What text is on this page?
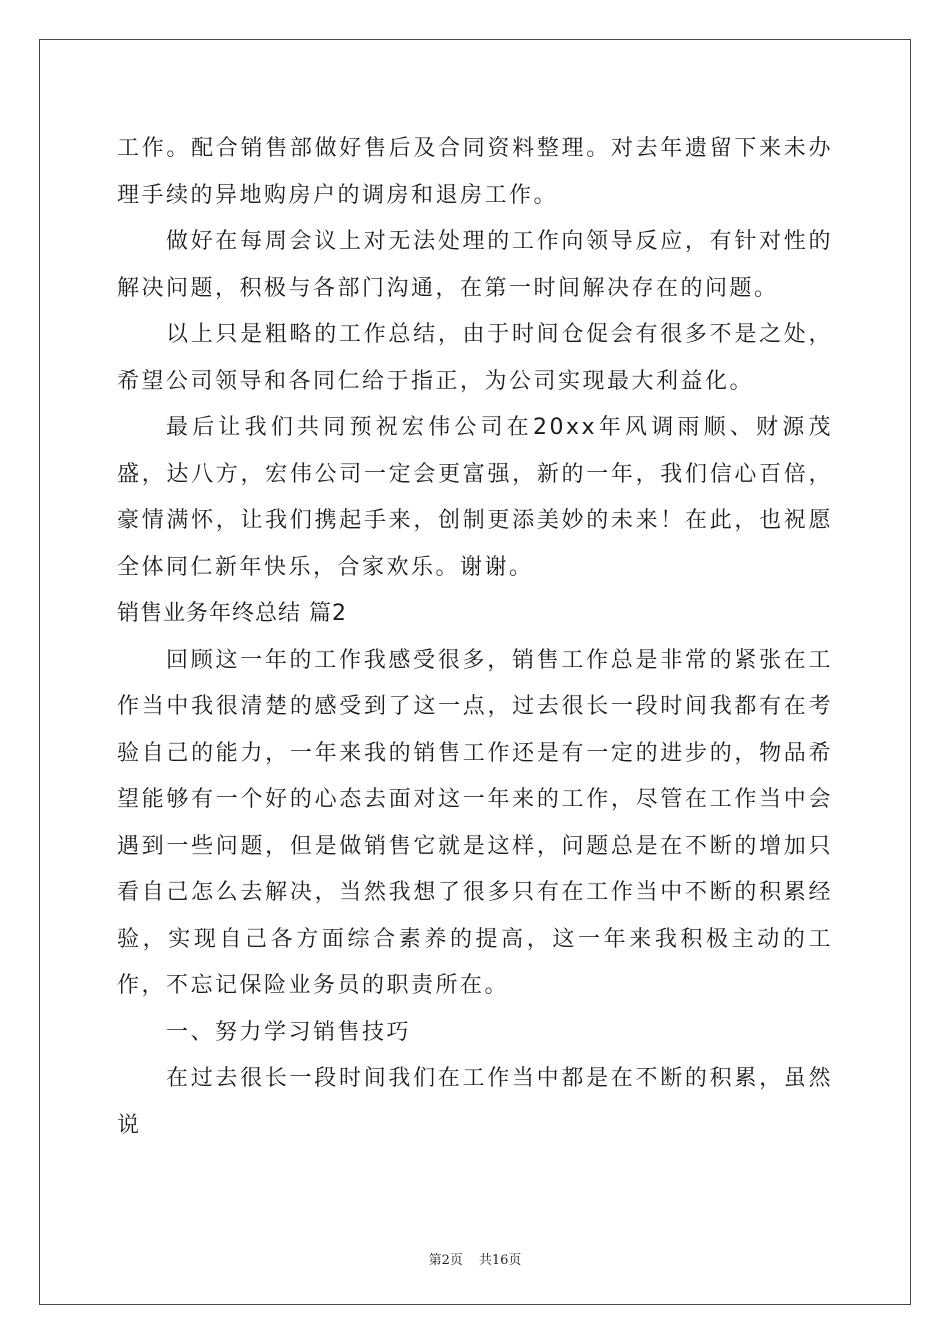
工作。配合销售部做好售后及合同资料整理。对去年遗留下来未办理手续的异地购房户的调房和退房工作。

做好在每周会议上对无法处理的工作向领导反应，有针对性的解决问题，积极与各部门沟通，在第一时间解决存在的问题。

以上只是粗略的工作总结，由于时间仓促会有很多不是之处，希望公司领导和各同仁给于指正，为公司实现最大利益化。

最后让我们共同预祝宏伟公司在20xx年风调雨顺、财源茂盛，达八方，宏伟公司一定会更富强，新的一年，我们信心百倍，豪情满怀，让我们携起手来，创制更添美妙的未来！在此，也祝愿全体同仁新年快乐，合家欢乐。谢谢。

销售业务年终总结 篇2

回顾这一年的工作我感受很多，销售工作总是非常的紧张在工作当中我很清楚的感受到了这一点，过去很长一段时间我都有在考验自己的能力，一年来我的销售工作还是有一定的进步的，物品希望能够有一个好的心态去面对这一年来的工作，尽管在工作当中会遇到一些问题，但是做销售它就是这样，问题总是在不断的增加只看自己怎么去解决，当然我想了很多只有在工作当中不断的积累经验，实现自己各方面综合素养的提高，这一年来我积极主动的工作，不忘记保险业务员的职责所在。

一、努力学习销售技巧

在过去很长一段时间我们在工作当中都是在不断的积累，虽然说

第2页 共16页
